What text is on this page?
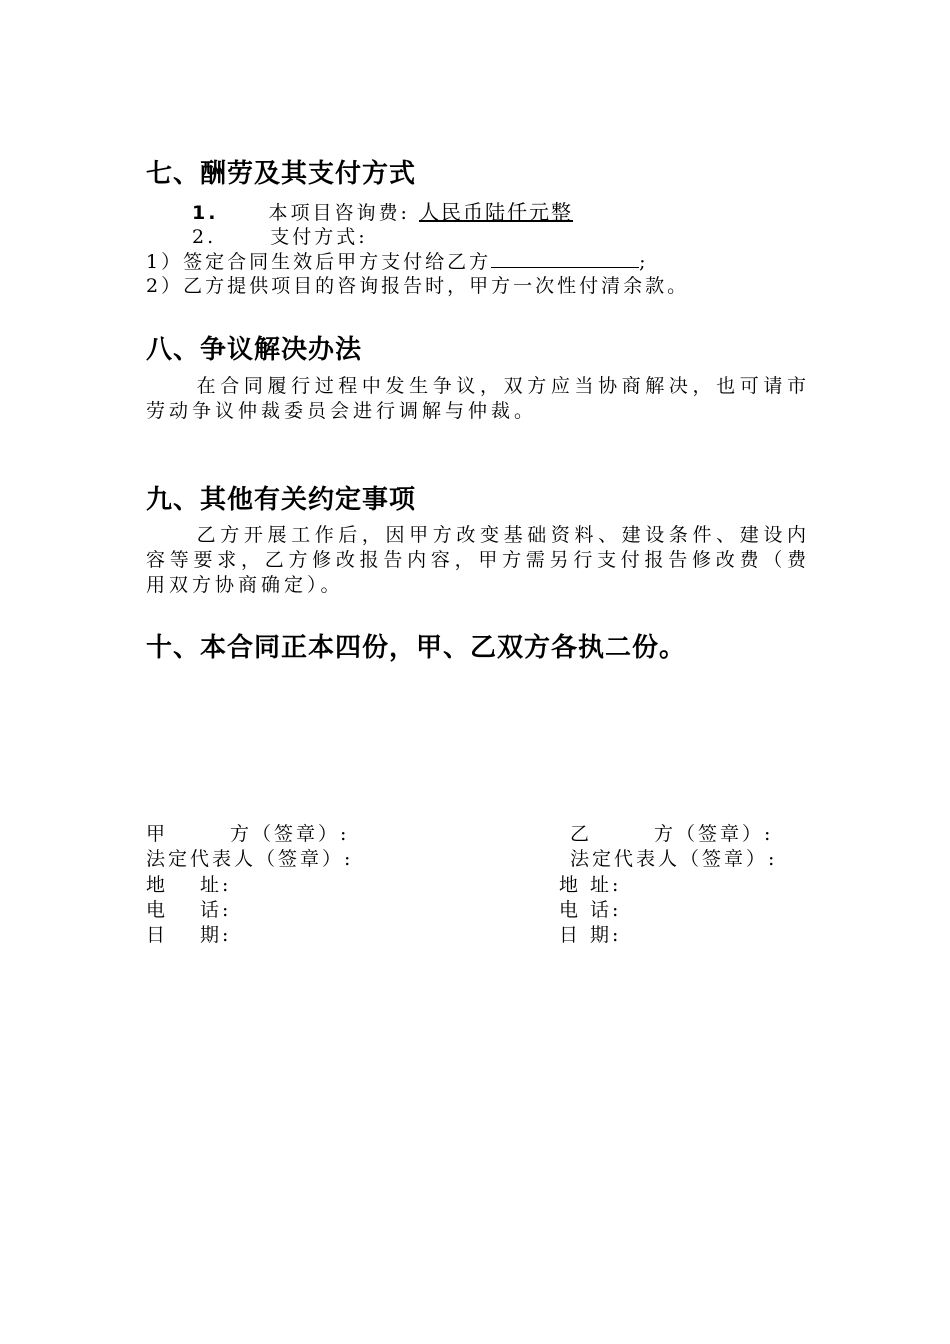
七、酬劳及其支付方式
1.	本项目咨询费: 人民币陆仟元整
2.	支付方式:
1）签定合同生效后甲方支付给乙方	;
2）乙方提供项目的咨询报告时，甲方一次性付清余款。
八、争议解决办法
在合同履行过程中发生争议，双方应当协商解决，也可请市劳动争议仲裁委员会进行调解与仲裁。
九、其他有关约定事项
乙方开展工作后，因甲方改变基础资料、建设条件、建设内容等要求，乙方修改报告内容，甲方需另行支付报告修改费（费用双方协商确定）。
十、本合同正本四份，甲、乙双方各执二份。
甲	方（签章）:
法定代表人（签章）:
地 址:
电 话:
日 期:
乙	方（签章）:
法定代表人（签章）:
地 址:
电 话:
日 期:
